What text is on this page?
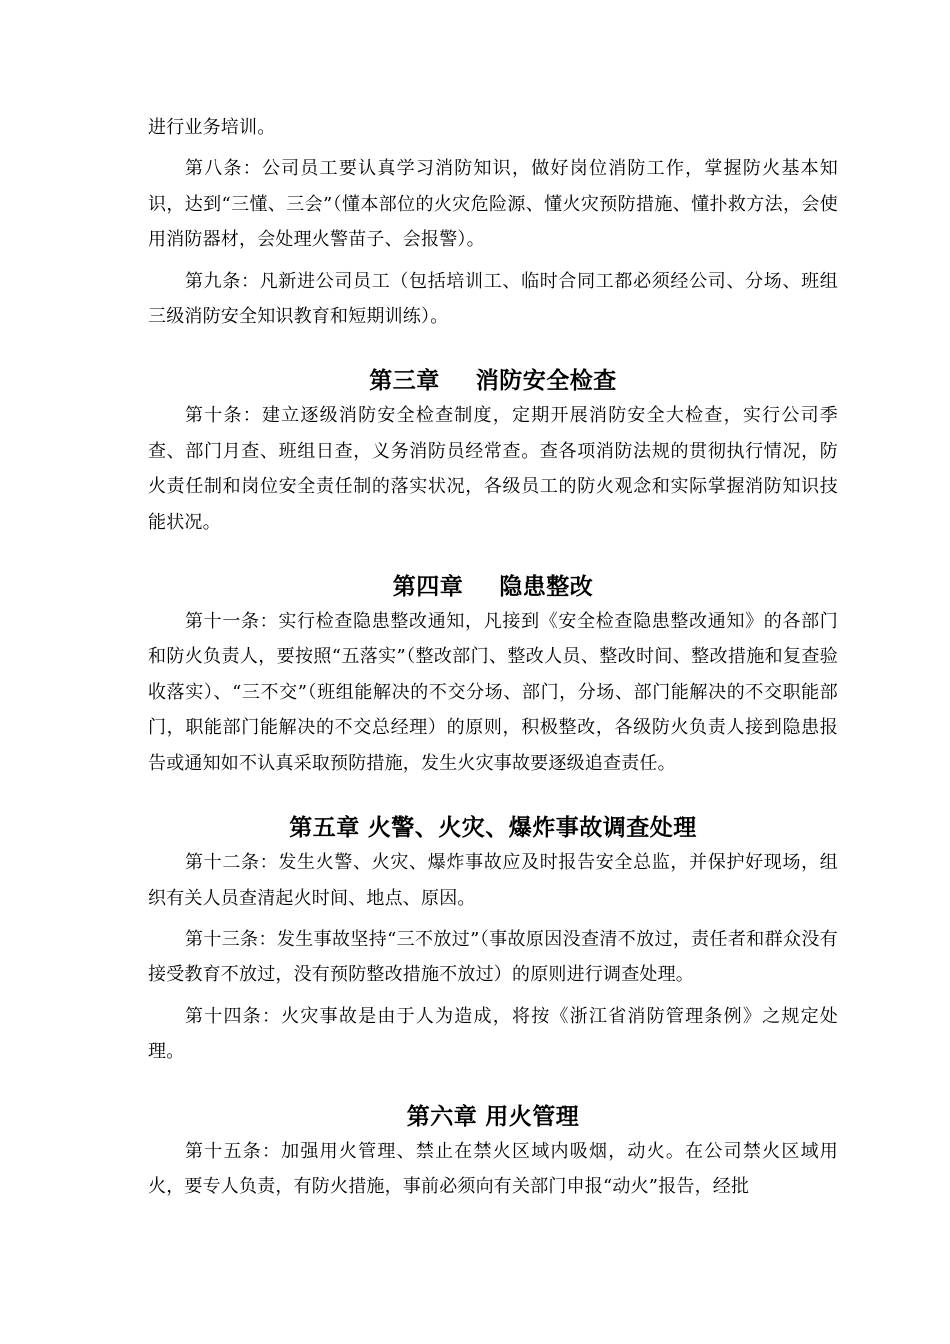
进行业务培训。

第八条：公司员工要认真学习消防知识，做好岗位消防工作，掌握防火基本知识，达到“三懂、三会”（懂本部位的火灾危险源、懂火灾预防措施、懂扑救方法，会使用消防器材，会处理火警苗子、会报警）。

第九条：凡新进公司员工（包括培训工、临时合同工都必须经公司、分场、班组三级消防安全知识教育和短期训练）。

第三章 消防安全检查

第十条：建立逐级消防安全检查制度，定期开展消防安全大检查，实行公司季查、部门月查、班组日查，义务消防员经常查。查各项消防法规的贯彻执行情况，防火责任制和岗位安全责任制的落实状况，各级员工的防火观念和实际掌握消防知识技能状况。

第四章 隐患整改

第十一条：实行检查隐患整改通知，凡接到《安全检查隐患整改通知》的各部门和防火负责人，要按照“五落实”（整改部门、整改人员、整改时间、整改措施和复查验收落实）、“三不交”（班组能解决的不交分场、部门，分场、部门能解决的不交职能部门，职能部门能解决的不交总经理）的原则，积极整改，各级防火负责人接到隐患报告或通知如不认真采取预防措施，发生火灾事故要逐级追查责任。

第五章 火警、火灾、爆炸事故调查处理

第十二条：发生火警、火灾、爆炸事故应及时报告安全总监，并保护好现场，组织有关人员查清起火时间、地点、原因。

第十三条：发生事故坚持“三不放过”（事故原因没查清不放过，责任者和群众没有接受教育不放过，没有预防整改措施不放过）的原则进行调查处理。

第十四条：火灾事故是由于人为造成，将按《浙江省消防管理条例》之规定处理。

第六章 用火管理

第十五条：加强用火管理、禁止在禁火区域内吸烟，动火。在公司禁火区域用火，要专人负责，有防火措施，事前必须向有关部门申报“动火”报告，经批
